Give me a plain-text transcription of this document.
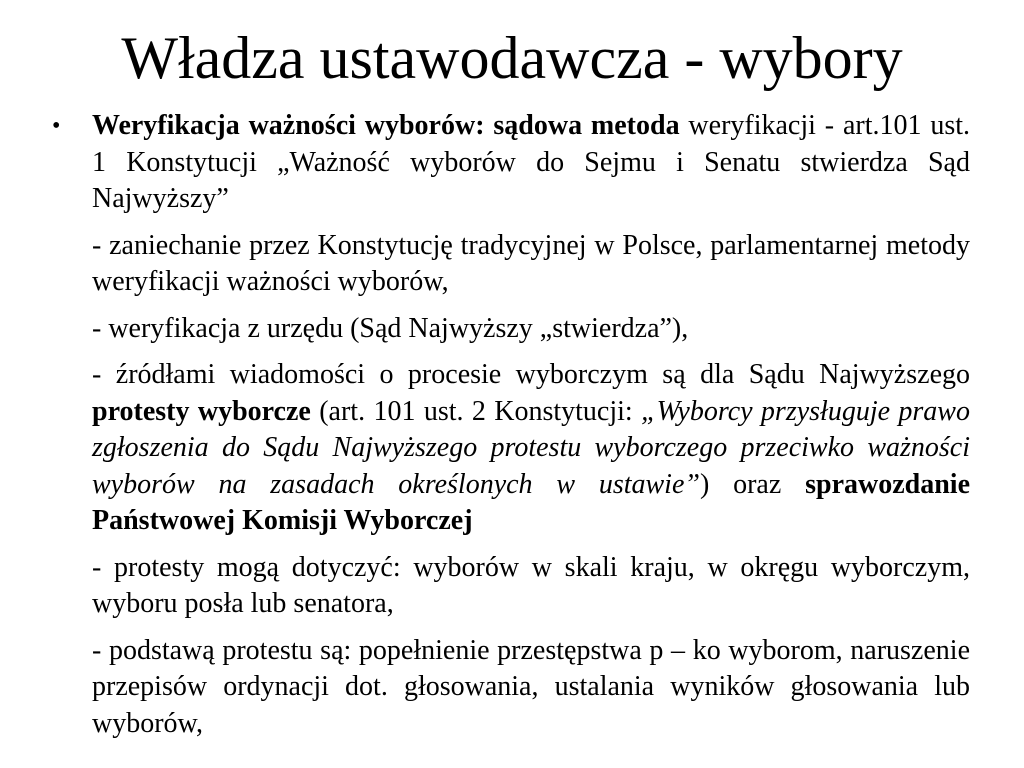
Władza ustawodawcza - wybory

• Weryfikacja ważności wyborów: sądowa metoda weryfikacji - art.101 ust. 1 Konstytucji „Ważność wyborów do Sejmu i Senatu stwierdza Sąd Najwyższy”

- zaniechanie przez Konstytucję tradycyjnej w Polsce, parlamentarnej metody weryfikacji ważności wyborów,

- weryfikacja z urzędu (Sąd Najwyższy „stwierdza”),

- źródłami wiadomości o procesie wyborczym są dla Sądu Najwyższego protesty wyborcze (art. 101 ust. 2 Konstytucji: „Wyborcy przysługuje prawo zgłoszenia do Sądu Najwyższego protestu wyborczego przeciwko ważności wyborów na zasadach określonych w ustawie”) oraz sprawozdanie Państwowej Komisji Wyborczej

- protesty mogą dotyczyć: wyborów w skali kraju, w okręgu wyborczym, wyboru posła lub senatora,

- podstawą protestu są: popełnienie przestępstwa p – ko wyborom, naruszenie przepisów ordynacji dot. głosowania, ustalania wyników głosowania lub wyborów,
